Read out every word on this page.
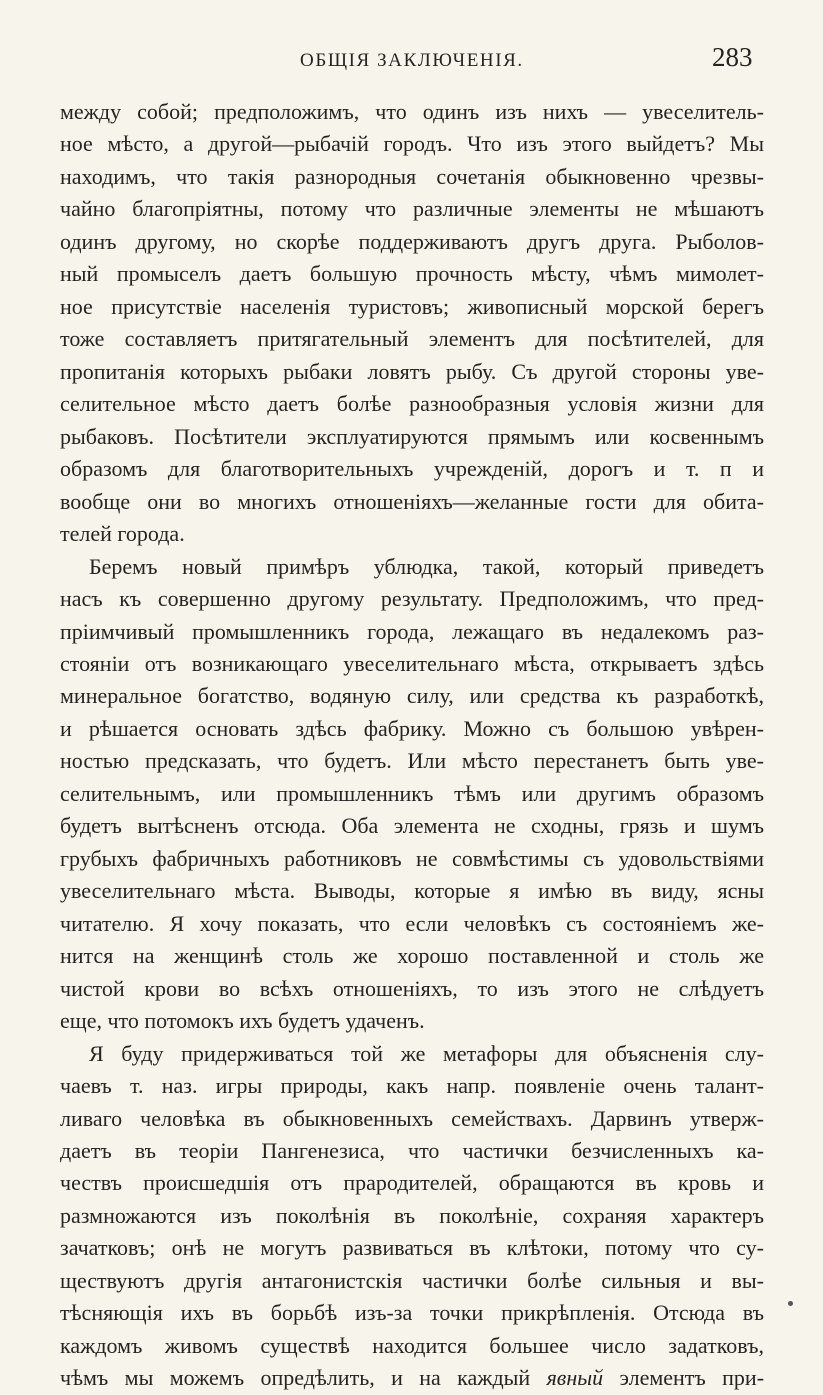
ОБЩІЯ ЗАКЛЮЧЕНІЯ.	283
между собой; предположимъ, что одинъ изъ нихъ — увеселитель-
ное мѣсто, а другой—рыбачій городъ. Что изъ этого выйдетъ? Мы
находимъ, что такія разнородныя сочетанія обыкновенно чрезвы-
чайно благопріятны, потому что различные элементы не мѣшаютъ
одинъ другому, но скорѣе поддерживаютъ другъ друга. Рыболов-
ный промыселъ даетъ большую прочность мѣсту, чѣмъ мимолет-
ное присутствіе населенія туристовъ; живописный морской берегъ
тоже составляетъ притягательный элементъ для посѣтителей, для
пропитанія которыхъ рыбаки ловятъ рыбу. Съ другой стороны уве-
селительное мѣсто даетъ болѣе разнообразныя условія жизни для
рыбаковъ. Посѣтители эксплуатируются прямымъ или косвеннымъ
образомъ для благотворительныхъ учрежденій, дорогъ и т. п и
вообще они во многихъ отношеніяхъ—желанные гости для обита-
телей города.
Беремъ новый примѣръ ублюдка, такой, который приведетъ
насъ къ совершенно другому результату. Предположимъ, что пред-
пріимчивый промышленникъ города, лежащаго въ недалекомъ раз-
стояніи отъ возникающаго увеселительнаго мѣста, открываетъ здѣсь
минеральное богатство, водяную силу, или средства къ разработкѣ,
и рѣшается основать здѣсь фабрику. Можно съ большою увѣрен-
ностью предсказать, что будетъ. Или мѣсто перестанетъ быть уве-
селительнымъ, или промышленникъ тѣмъ или другимъ образомъ
будетъ вытѣсненъ отсюда. Оба элемента не сходны, грязь и шумъ
грубыхъ фабричныхъ работниковъ не совмѣстимы съ удовольствіями
увеселительнаго мѣста. Выводы, которые я имѣю въ виду, ясны
читателю. Я хочу показать, что если человѣкъ съ состояніемъ же-
нится на женщинѣ столь же хорошо поставленной и столь же
чистой крови во всѣхъ отношеніяхъ, то изъ этого не слѣдуетъ
еще, что потомокъ ихъ будетъ удаченъ.
Я буду придерживаться той же метафоры для объясненія слу-
чаевъ т. наз. игры природы, какъ напр. появленіе очень талант-
ливаго человѣка въ обыкновенныхъ семействахъ. Дарвинъ утверж-
даетъ въ теоріи Пангенезиса, что частички безчисленныхъ ка-
чествъ происшедшія отъ прародителей, обращаются въ кровь и
размножаются изъ поколѣнія въ поколѣніе, сохраняя характеръ
зачатковъ; онѣ не могутъ развиваться въ клѣтоки, потому что су-
ществуютъ другія антагонистскія частички болѣе сильныя и вы-
тѣсняющія ихъ въ борьбѣ изъ-за точки прикрѣпленія. Отсюда въ
каждомъ живомъ существѣ находится большее число задатковъ,
чѣмъ мы можемъ опредѣлить, и на каждый явный элементъ при-
